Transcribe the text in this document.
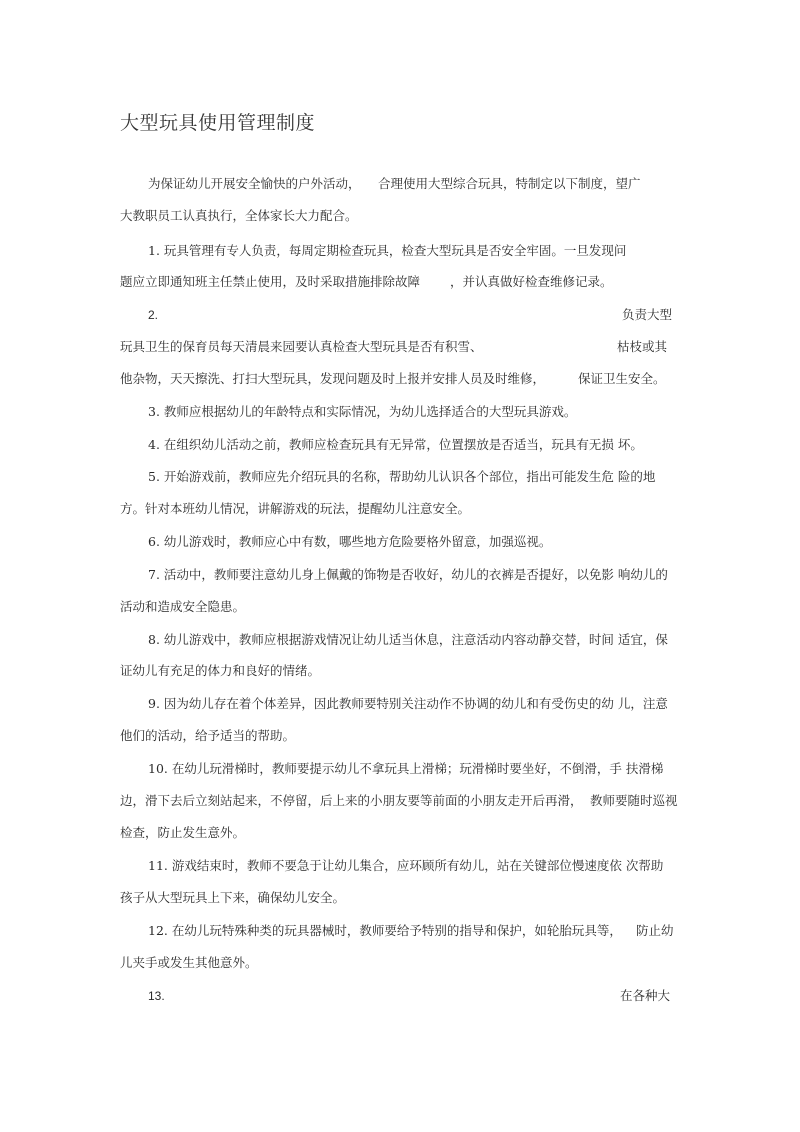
大型玩具使用管理制度
为保证幼儿开展安全愉快的户外活动， 合理使用大型综合玩具，特制定以下制度，望广
大教职员工认真执行，全体家长大力配合。
1. 玩具管理有专人负责，每周定期检查玩具，检查大型玩具是否安全牢固。一旦发现问
题应立即通知班主任禁止使用，及时采取措施排除故障 ，并认真做好检查维修记录。
2.	负责大型
玩具卫生的保育员每天清晨来园要认真检查大型玩具是否有积雪、	枯枝或其
他杂物，天天擦洗、打扫大型玩具，发现问题及时上报并安排人员及时维修，	保证卫生安全。
3. 教师应根据幼儿的年龄特点和实际情况，为幼儿选择适合的大型玩具游戏。
4. 在组织幼儿活动之前，教师应检查玩具有无异常，位置摆放是否适当，玩具有无损 坏。
5. 开始游戏前，教师应先介绍玩具的名称，帮助幼儿认识各个部位，指出可能发生危 险的地
方。针对本班幼儿情况，讲解游戏的玩法，提醒幼儿注意安全。
6. 幼儿游戏时，教师应心中有数，哪些地方危险要格外留意，加强巡视。
7. 活动中，教师要注意幼儿身上佩戴的饰物是否收好，幼儿的衣裤是否提好，以免影 响幼儿的
活动和造成安全隐患。
8. 幼儿游戏中，教师应根据游戏情况让幼儿适当休息，注意活动内容动静交替，时间 适宜，保
证幼儿有充足的体力和良好的情绪。
9. 因为幼儿存在着个体差异，因此教师要特别关注动作不协调的幼儿和有受伤史的幼 儿，注意
他们的活动，给予适当的帮助。
10. 在幼儿玩滑梯时，教师要提示幼儿不拿玩具上滑梯；玩滑梯时要坐好，不倒滑，手 扶滑梯
边，滑下去后立刻站起来，不停留，后上来的小朋友要等前面的小朋友走开后再滑， 教师要随时巡视
检查，防止发生意外。
11. 游戏结束时，教师不要急于让幼儿集合，应环顾所有幼儿，站在关键部位慢速度依 次帮助
孩子从大型玩具上下来，确保幼儿安全。
12. 在幼儿玩特殊种类的玩具器械时，教师要给予特别的指导和保护，如轮胎玩具等， 防止幼
儿夹手或发生其他意外。
13.	在各种大
